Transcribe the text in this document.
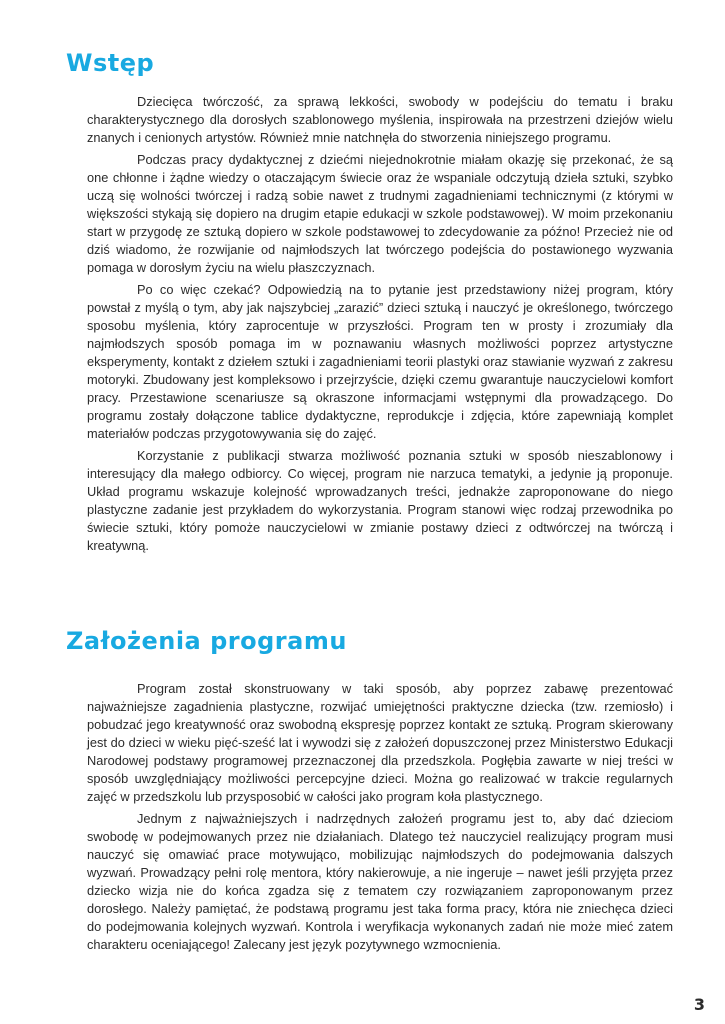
Wstęp

Dziecięca twórczość, za sprawą lekkości, swobody w podejściu do tematu i braku charakterystycznego dla dorosłych szablonowego myślenia, inspirowała na przestrzeni dziejów wielu znanych i cenionych artystów. Również mnie natchnęła do stworzenia niniejszego programu.

Podczas pracy dydaktycznej z dziećmi niejednokrotnie miałam okazję się przekonać, że są one chłonne i żądne wiedzy o otaczającym świecie oraz że wspaniale odczytują dzieła sztuki, szybko uczą się wolności twórczej i radzą sobie nawet z trudnymi zagadnieniami technicznymi (z którymi w większości stykają się dopiero na drugim etapie edukacji w szkole podstawowej). W moim przekonaniu start w przygodę ze sztuką dopiero w szkole podstawowej to zdecydowanie za późno! Przecież nie od dziś wiadomo, że rozwijanie od najmłodszych lat twórczego podejścia do postawionego wyzwania pomaga w dorosłym życiu na wielu płaszczyznach.

Po co więc czekać? Odpowiedzią na to pytanie jest przedstawiony niżej program, który powstał z myślą o tym, aby jak najszybciej „zarazić” dzieci sztuką i nauczyć je określonego, twórczego sposobu myślenia, który zaprocentuje w przyszłości. Program ten w prosty i zrozumiały dla najmłodszych sposób pomaga im w poznawaniu własnych możliwości poprzez artystyczne eksperymenty, kontakt z dziełem sztuki i zagadnieniami teorii plastyki oraz stawianie wyzwań z zakresu motoryki. Zbudowany jest kompleksowo i przejrzyście, dzięki czemu gwarantuje nauczycielowi komfort pracy. Przestawione scenariusze są okraszone informacjami wstępnymi dla prowadzącego. Do programu zostały dołączone tablice dydaktyczne, reprodukcje i zdjęcia, które zapewniają komplet materiałów podczas przygotowywania się do zajęć.

Korzystanie z publikacji stwarza możliwość poznania sztuki w sposób nieszablonowy i interesujący dla małego odbiorcy. Co więcej, program nie narzuca tematyki, a jedynie ją proponuje. Układ programu wskazuje kolejność wprowadzanych treści, jednakże zaproponowane do niego plastyczne zadanie jest przykładem do wykorzystania. Program stanowi więc rodzaj przewodnika po świecie sztuki, który pomoże nauczycielowi w zmianie postawy dzieci z odtwórczej na twórczą i kreatywną.

Założenia programu

Program został skonstruowany w taki sposób, aby poprzez zabawę prezentować najważniejsze zagadnienia plastyczne, rozwijać umiejętności praktyczne dziecka (tzw. rzemiosło) i pobudzać jego kreatywność oraz swobodną ekspresję poprzez kontakt ze sztuką. Program skierowany jest do dzieci w wieku pięć-sześć lat i wywodzi się z założeń dopuszczonej przez Ministerstwo Edukacji Narodowej podstawy programowej przeznaczonej dla przedszkola. Pogłębia zawarte w niej treści w sposób uwzględniający możliwości percepcyjne dzieci. Można go realizować w trakcie regularnych zajęć w przedszkolu lub przysposobić w całości jako program koła plastycznego.

Jednym z najważniejszych i nadrzędnych założeń programu jest to, aby dać dzieciom swobodę w podejmowanych przez nie działaniach. Dlatego też nauczyciel realizujący program musi nauczyć się omawiać prace motywująco, mobilizując najmłodszych do podejmowania dalszych wyzwań. Prowadzący pełni rolę mentora, który nakierowuje, a nie ingeruje – nawet jeśli przyjęta przez dziecko wizja nie do końca zgadza się z tematem czy rozwiązaniem zaproponowanym przez dorosłego. Należy pamiętać, że podstawą programu jest taka forma pracy, która nie zniechęca dzieci do podejmowania kolejnych wyzwań. Kontrola i weryfikacja wykonanych zadań nie może mieć zatem charakteru oceniającego! Zalecany jest język pozytywnego wzmocnienia.

3
